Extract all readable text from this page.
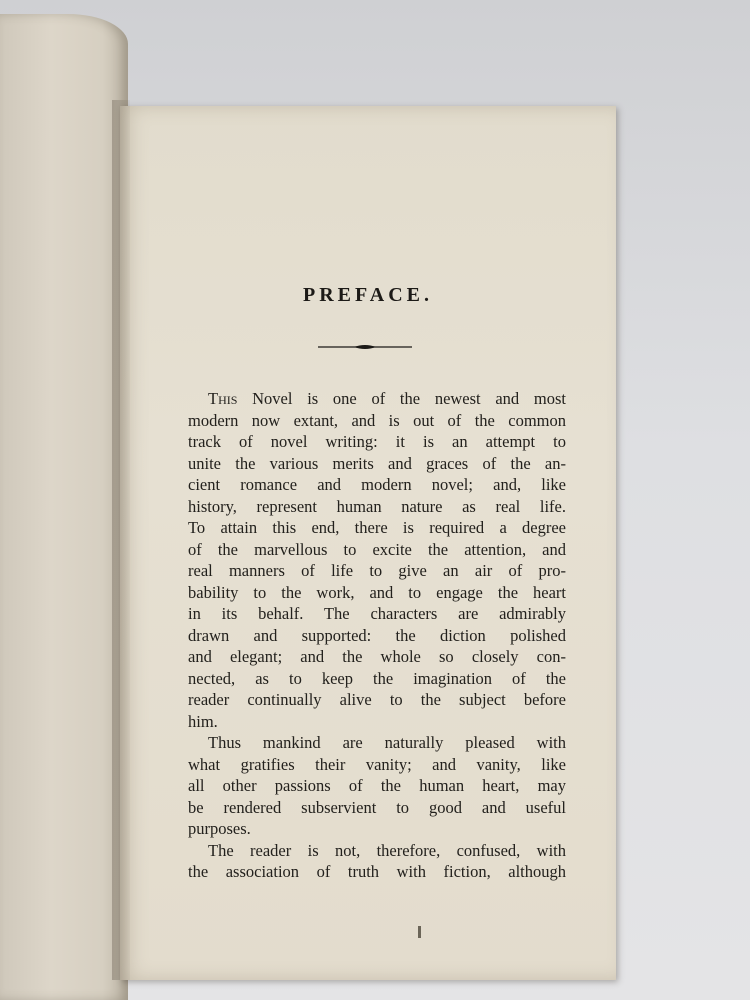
PREFACE.
This Novel is one of the newest and most
modern now extant, and is out of the common
track of novel writing: it is an attempt to
unite the various merits and graces of the an-
cient romance and modern novel; and, like
history, represent human nature as real life.
To attain this end, there is required a degree
of the marvellous to excite the attention, and
real manners of life to give an air of pro-
bability to the work, and to engage the heart
in its behalf. The characters are admirably
drawn and supported: the diction polished
and elegant; and the whole so closely con-
nected, as to keep the imagination of the
reader continually alive to the subject before
him.
Thus mankind are naturally pleased with
what gratifies their vanity; and vanity, like
all other passions of the human heart, may
be rendered subservient to good and useful
purposes.
The reader is not, therefore, confused, with
the association of truth with fiction, although
